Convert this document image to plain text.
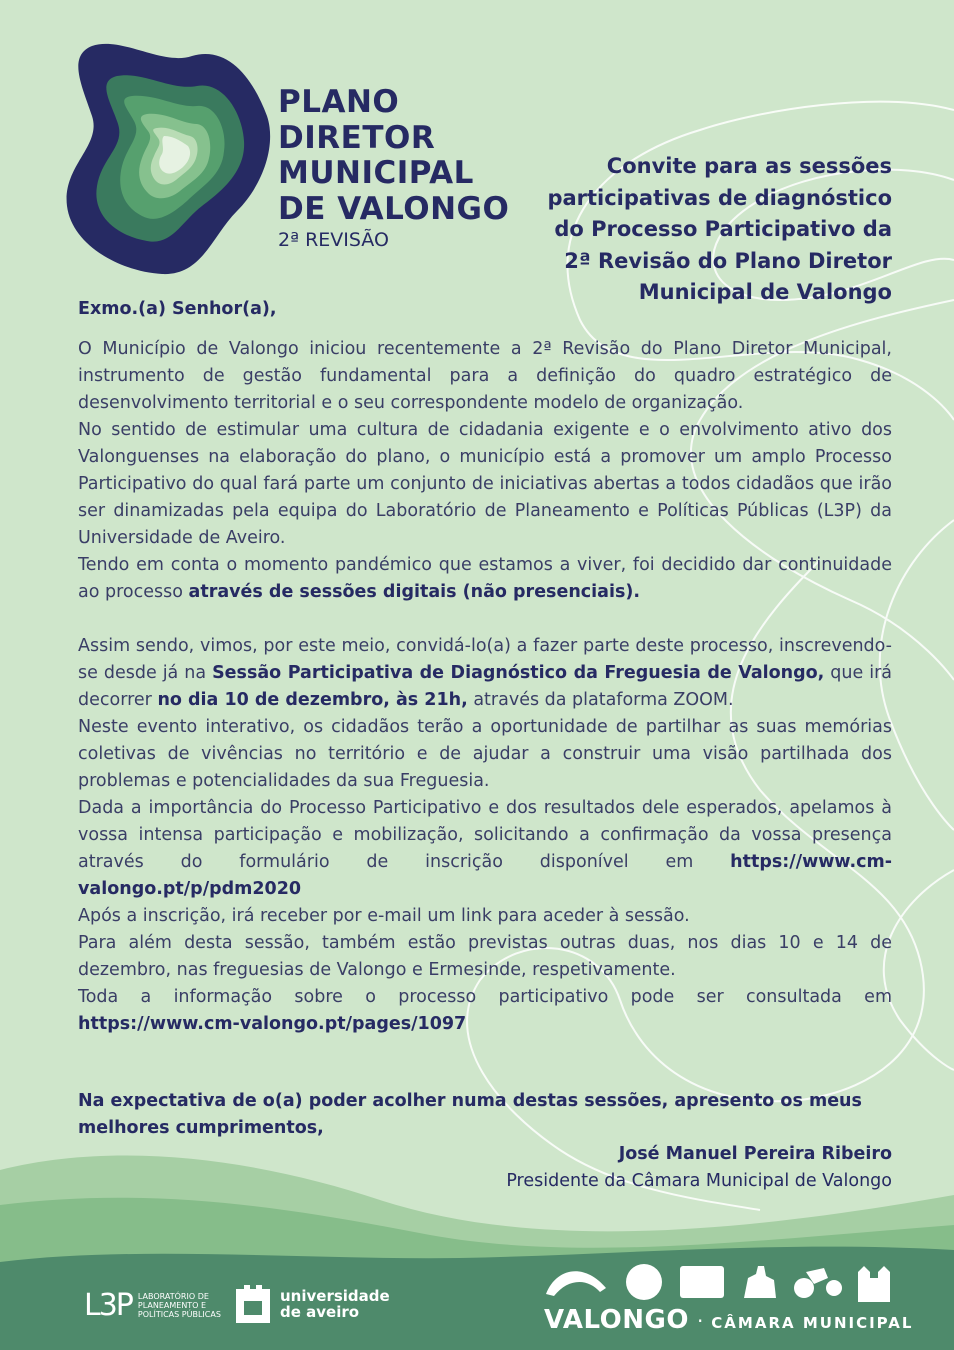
PLANO
DIRETOR
MUNICIPAL
DE VALONGO
2ª REVISÃO
Convite para as sessões participativas de diagnóstico do Processo Participativo da 2ª Revisão do Plano Diretor Municipal de Valongo
Exmo.(a) Senhor(a),

O Município de Valongo iniciou recentemente a 2ª Revisão do Plano Diretor Municipal, instrumento de gestão fundamental para a definição do quadro estratégico de desenvolvimento territorial e o seu correspondente modelo de organização.

No sentido de estimular uma cultura de cidadania exigente e o envolvimento ativo dos Valonguenses na elaboração do plano, o município está a promover um amplo Processo Participativo do qual fará parte um conjunto de iniciativas abertas a todos cidadãos que irão ser dinamizadas pela equipa do Laboratório de Planeamento e Políticas Públicas (L3P) da Universidade de Aveiro.

Tendo em conta o momento pandémico que estamos a viver, foi decidido dar continuidade ao processo através de sessões digitais (não presenciais).

Assim sendo, vimos, por este meio, convidá-lo(a) a fazer parte deste processo, inscrevendo-se desde já na Sessão Participativa de Diagnóstico da Freguesia de Valongo, que irá decorrer no dia 10 de dezembro, às 21h, através da plataforma ZOOM.

Neste evento interativo, os cidadãos terão a oportunidade de partilhar as suas memórias coletivas de vivências no território e de ajudar a construir uma visão partilhada dos problemas e potencialidades da sua Freguesia.

Dada a importância do Processo Participativo e dos resultados dele esperados, apelamos à vossa intensa participação e mobilização, solicitando a confirmação da vossa presença através do formulário de inscrição disponível em https://www.cm-valongo.pt/p/pdm2020

Após a inscrição, irá receber por e-mail um link para aceder à sessão.

Para além desta sessão, também estão previstas outras duas, nos dias 10 e 14 de dezembro, nas freguesias de Valongo e Ermesinde, respetivamente.

Toda a informação sobre o processo participativo pode ser consultada em https://www.cm-valongo.pt/pages/1097

Na expectativa de o(a) poder acolher numa destas sessões, apresento os meus melhores cumprimentos,
José Manuel Pereira Ribeiro
Presidente da Câmara Municipal de Valongo
L3P LABORATÓRIO DE
PLANEAMENTO E
POLÍTICAS PÚBLICAS
universidade
de aveiro	VALONGO · CÂMARA MUNICIPAL
